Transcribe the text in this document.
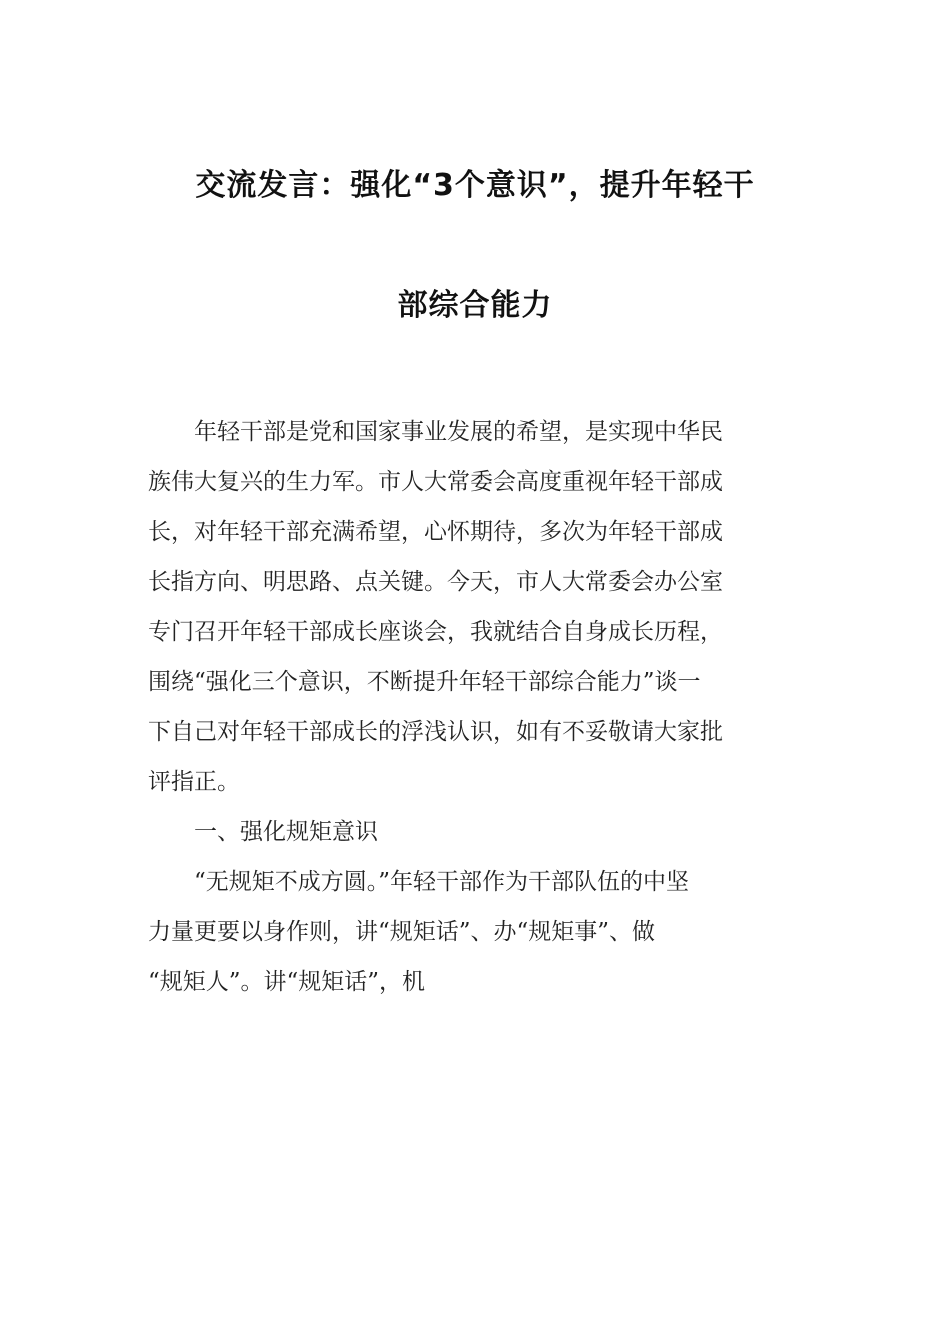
交流发言：强化“3个意识”，提升年轻干
部综合能力
年轻干部是党和国家事业发展的希望，是实现中华民
族伟大复兴的生力军。市人大常委会高度重视年轻干部成
长，对年轻干部充满希望，心怀期待，多次为年轻干部成
长指方向、明思路、点关键。今天，市人大常委会办公室
专门召开年轻干部成长座谈会，我就结合自身成长历程，
围绕“强化三个意识，不断提升年轻干部综合能力”谈一
下自己对年轻干部成长的浮浅认识，如有不妥敬请大家批
评指正。
一、强化规矩意识
“无规矩不成方圆。”年轻干部作为干部队伍的中坚
力量更要以身作则，讲“规矩话”、办“规矩事”、做
“规矩人”。讲“规矩话”，机
